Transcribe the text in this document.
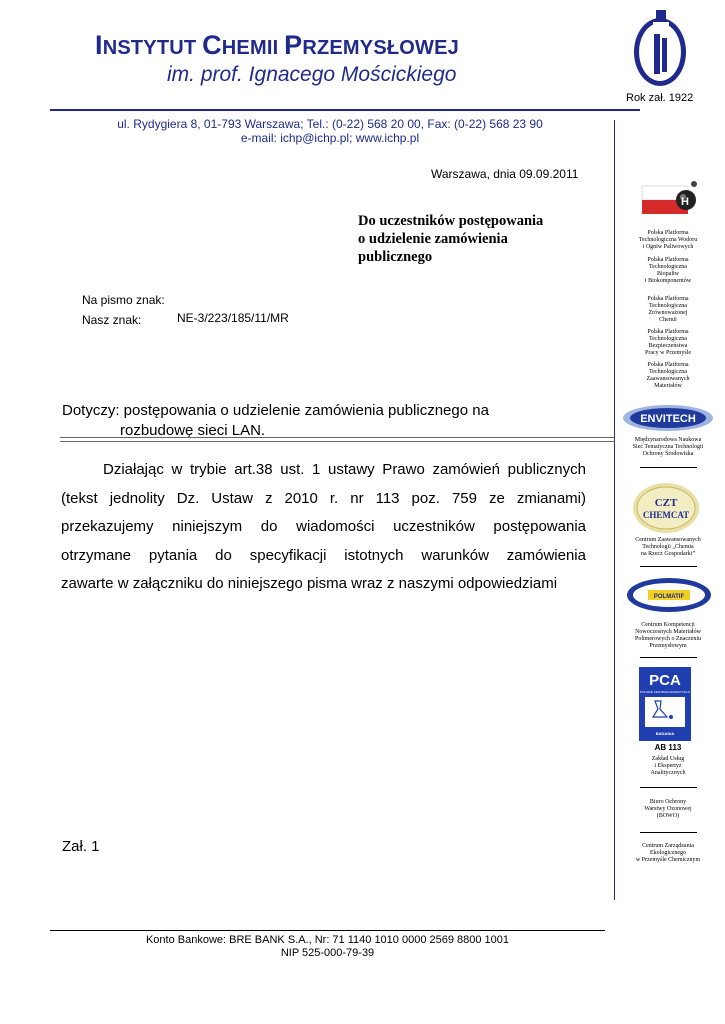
INSTYTUT CHEMII PRZEMYSŁOWEJ
im. prof. Ignacego Mościckiego
Rok zał. 1922
ul. Rydygiera 8, 01-793 Warszawa; Tel.: (0-22) 568 20 00, Fax: (0-22) 568 23 90
e-mail: ichp@ichp.pl; www.ichp.pl
Warszawa, dnia 09.09.2011
Do uczestników postępowania
o udzielenie zamówienia
publicznego
Na pismo znak:
Nasz znak:	NE-3/223/185/11/MR
Dotyczy: postępowania o udzielenie zamówienia publicznego na
rozbudowę sieci LAN.

Działając w trybie art.38 ust. 1 ustawy Prawo zamówień publicznych

(tekst jednolity Dz. Ustaw z 2010 r. nr 113 poz. 759 ze zmianami)

przekazujemy niniejszym do wiadomości uczestników postępowania

otrzymane pytania do specyfikacji istotnych warunków zamówienia

zawarte w załączniku do niniejszego pisma wraz z naszymi odpowiedziami

Zał. 1
Konto Bankowe: BRE BANK S.A., Nr: 71 1140 1010 0000 2569 8800 1001
NIP 525-000-79-39
H
Polska Platforma
Technologiczna Wodoru
i Ogniw Paliwowych
Polska Platforma
Technologiczna
Biopaliw
i Biokomponentów
Polska Platforma
Technologiczna
Zrównoważonej
Chemii
Polska Platforma
Technologiczna
Bezpieczeństwa
Pracy w Przemyśle
Polska Platforma
Technologiczna
Zaawansowanych
Materiałów
ENVITECH
Międzynarodowa Naukowa
Sieć Tematyczna Technologii
Ochrony Środowiska
CZT
CHEMCAT
Centrum Zaawansowanych
Technologii „Chemia
na Rzecz Gospodarki”
POLMATIF
Centrum Kompetencji
Nowoczesnych Materiałów
Polimerowych o Znaczeniu
Przemysłowym
PCA
POLSKIE CENTRUM AKREDYTACJI
BADANIA
AB 113
Zakład Usług
i Ekspertyz
Analitycznych
Biuro Ochrony
Warstwy Ozonowej
(BOWO)
Centrum Zarządzania
Ekologicznego
w Przemyśle Chemicznym
